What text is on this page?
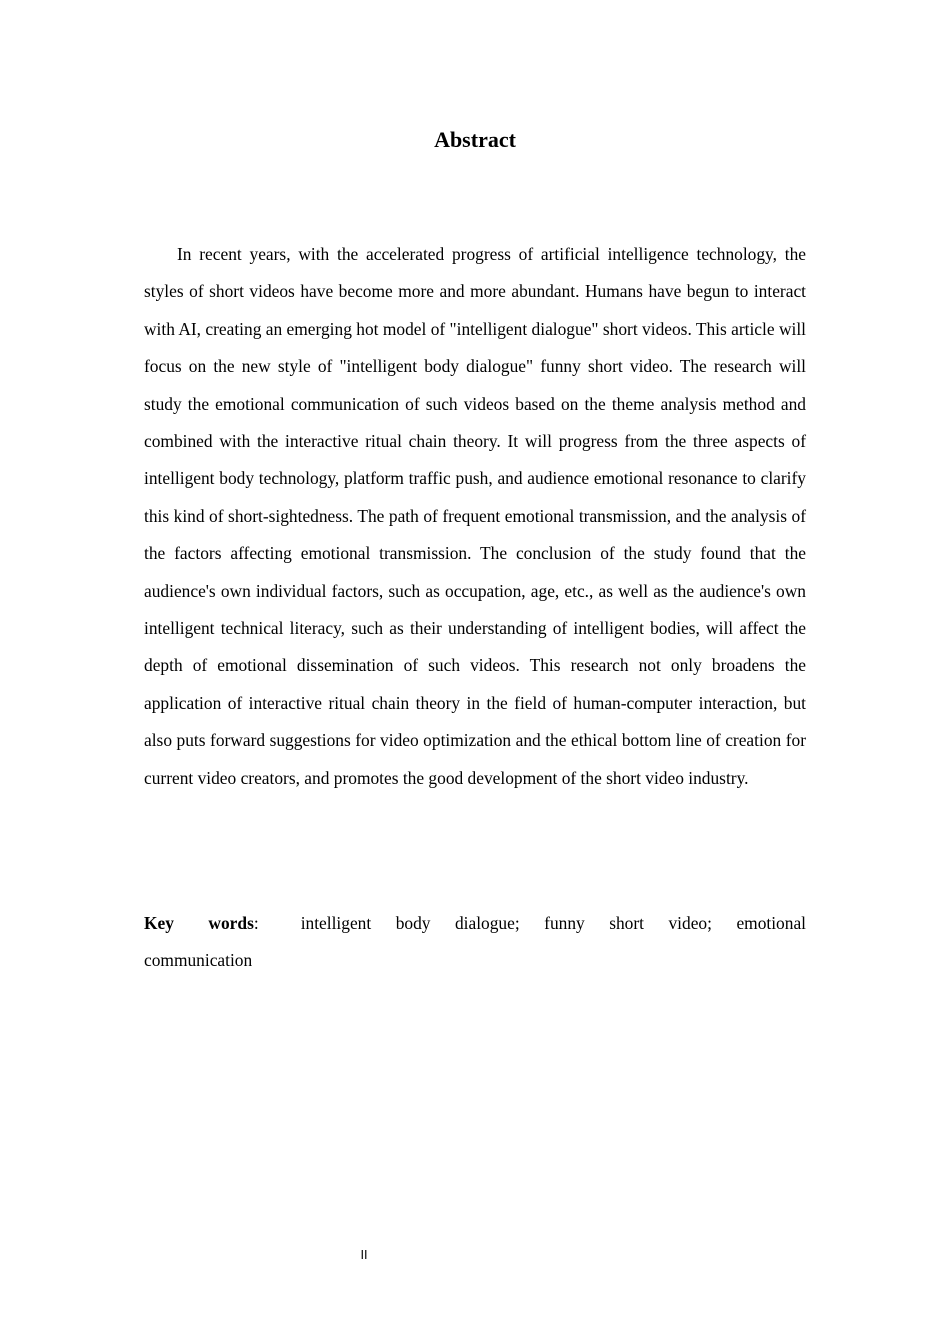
Abstract

In recent years, with the accelerated progress of artificial intelligence technology, the styles of short videos have become more and more abundant. Humans have begun to interact with AI, creating an emerging hot model of "intelligent dialogue" short videos. This article will focus on the new style of "intelligent body dialogue" funny short video. The research will study the emotional communication of such videos based on the theme analysis method and combined with the interactive ritual chain theory. It will progress from the three aspects of intelligent body technology, platform traffic push, and audience emotional resonance to clarify this kind of short-sightedness. The path of frequent emotional transmission, and the analysis of the factors affecting emotional transmission. The conclusion of the study found that the audience's own individual factors, such as occupation, age, etc., as well as the audience's own intelligent technical literacy, such as their understanding of intelligent bodies, will affect the depth of emotional dissemination of such videos. This research not only broadens the application of interactive ritual chain theory in the field of human-computer interaction, but also puts forward suggestions for video optimization and the ethical bottom line of creation for current video creators, and promotes the good development of the short video industry.

Key words: intelligent body dialogue; funny short video; emotional communication

II
